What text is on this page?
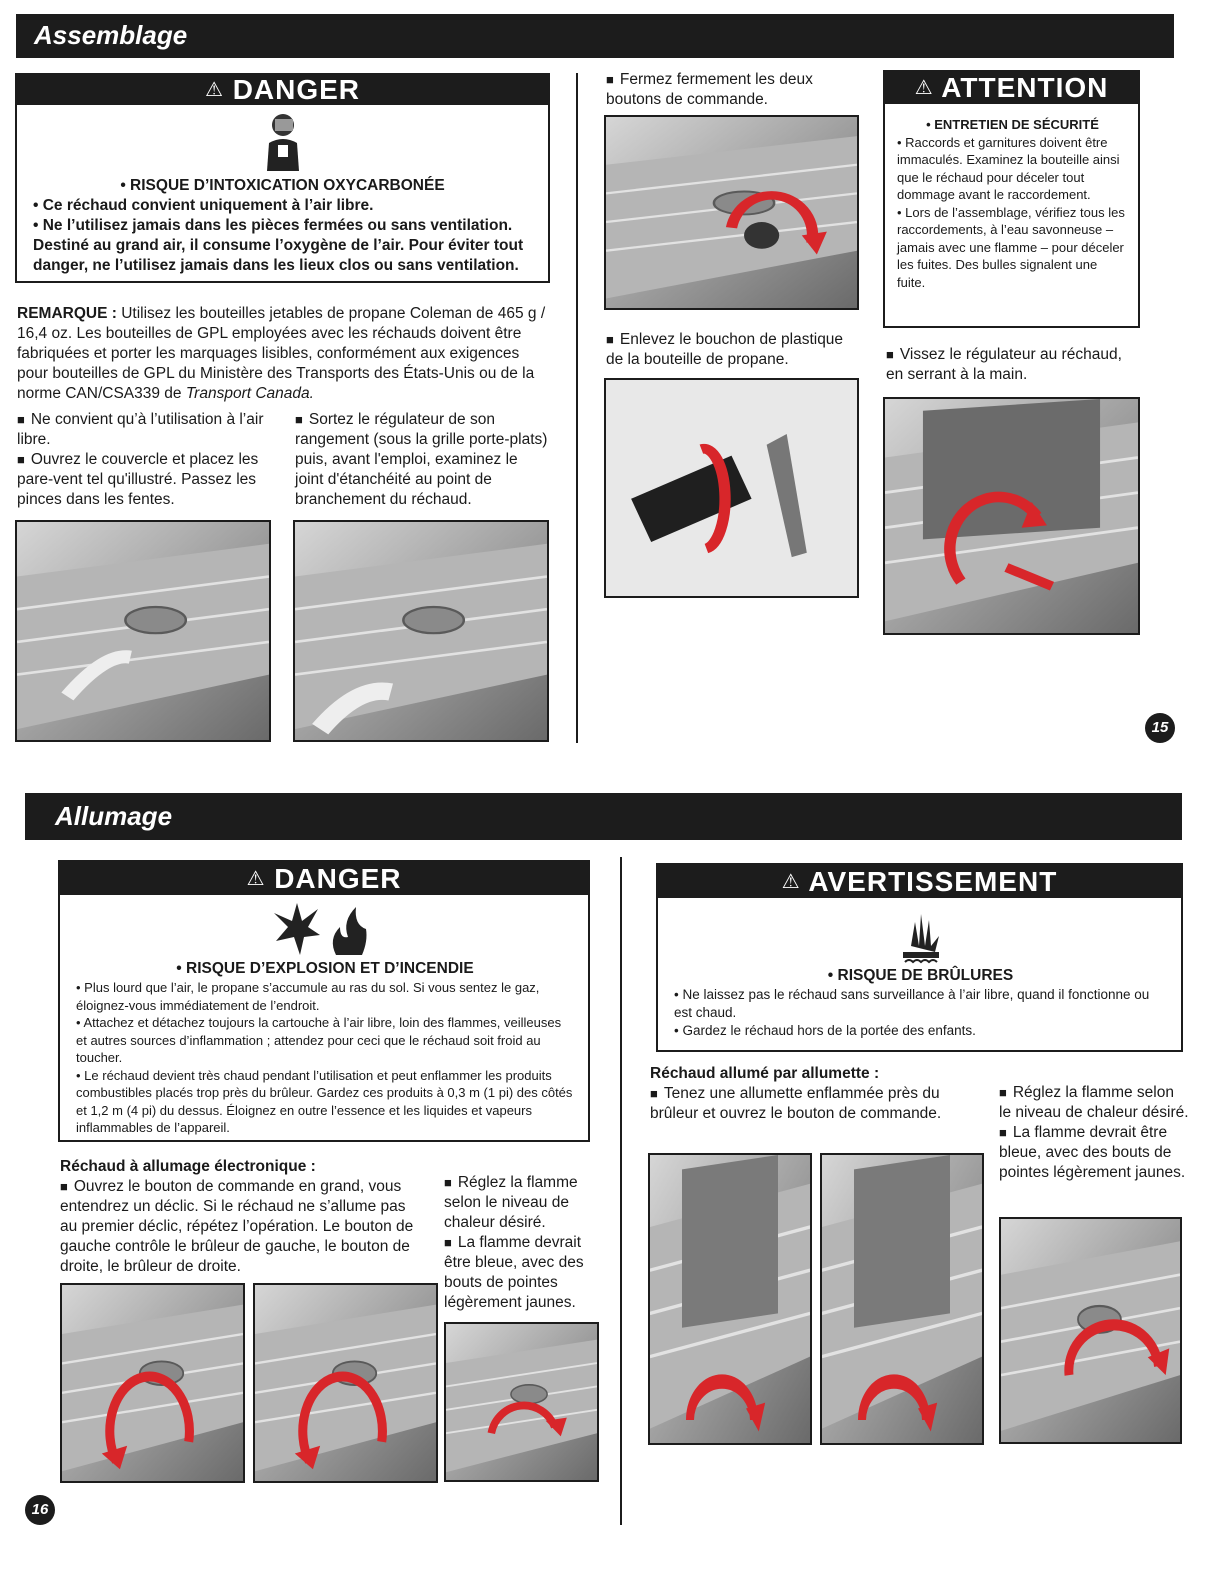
Assemblage
⚠ DANGER

• RISQUE D’INTOXICATION OXYCARBONÉE

• Ce réchaud convient uniquement à l’air libre.

• Ne l’utilisez jamais dans les pièces fermées ou sans ventilation. Destiné au grand air, il consume l’oxygène de l’air. Pour éviter tout danger, ne l’utilisez jamais dans les lieux clos ou sans ventilation.

REMARQUE : Utilisez les bouteilles jetables de propane Coleman de 465 g / 16,4 oz. Les bouteilles de GPL employées avec les réchauds doivent être fabriquées et porter les marquages lisibles, conformément aux exigences pour bouteilles de GPL du Ministère des Transports des États-Unis ou de la norme CAN/CSA339 de Transport Canada.

■ Ne convient qu’à l’utilisation à l’air libre.

■ Ouvrez le couvercle et placez les pare-vent tel qu'illustré. Passez les pinces dans les fentes.

■ Sortez le régulateur de son rangement (sous la grille porte-plats) puis, avant l'emploi, examinez le joint d'étanchéité au point de branchement du réchaud.

■ Fermez fermement les deux boutons de commande.

■ Enlevez le bouchon de plastique de la bouteille de propane.

⚠ ATTENTION

• ENTRETIEN DE SÉCURITÉ

• Raccords et garnitures doivent être immaculés. Examinez la bouteille ainsi que le réchaud pour déceler tout dommage avant le raccordement.

• Lors de l’assemblage, vérifiez tous les raccordements, à l’eau savonneuse – jamais avec une flamme – pour déceler les fuites. Des bulles signalent une fuite.

■ Vissez le régulateur au réchaud, en serrant à la main.

15
Allumage
⚠ DANGER

• RISQUE D’EXPLOSION ET D’INCENDIE

• Plus lourd que l’air, le propane s’accumule au ras du sol. Si vous sentez le gaz, éloignez-vous immédiatement de l’endroit.

• Attachez et détachez toujours la cartouche à l’air libre, loin des flammes, veilleuses et autres sources d’inflammation ; attendez pour ceci que le réchaud soit froid au toucher.

• Le réchaud devient très chaud pendant l’utilisation et peut enflammer les produits combustibles placés trop près du brûleur. Gardez ces produits à 0,3 m (1 pi) des côtés et 1,2 m (4 pi) du dessus. Éloignez en outre l’essence et les liquides et vapeurs inflammables de l’appareil.

Réchaud à allumage électronique :

■ Ouvrez le bouton de commande en grand, vous entendrez un déclic. Si le réchaud ne s’allume pas au premier déclic, répétez l’opération. Le bouton de gauche contrôle le brûleur de gauche, le bouton de droite, le brûleur de droite.

■ Réglez la flamme selon le niveau de chaleur désiré.

■ La flamme devrait être bleue, avec des bouts de pointes légèrement jaunes.

16
⚠ AVERTISSEMENT

• RISQUE DE BRÛLURES

• Ne laissez pas le réchaud sans surveillance à l’air libre, quand il fonctionne ou est chaud.

• Gardez le réchaud hors de la portée des enfants.

Réchaud allumé par allumette :

■ Tenez une allumette enflammée près du brûleur et ouvrez le bouton de commande.

■ Réglez la flamme selon le niveau de chaleur désiré.

■ La flamme devrait être bleue, avec des bouts de pointes légèrement jaunes.
